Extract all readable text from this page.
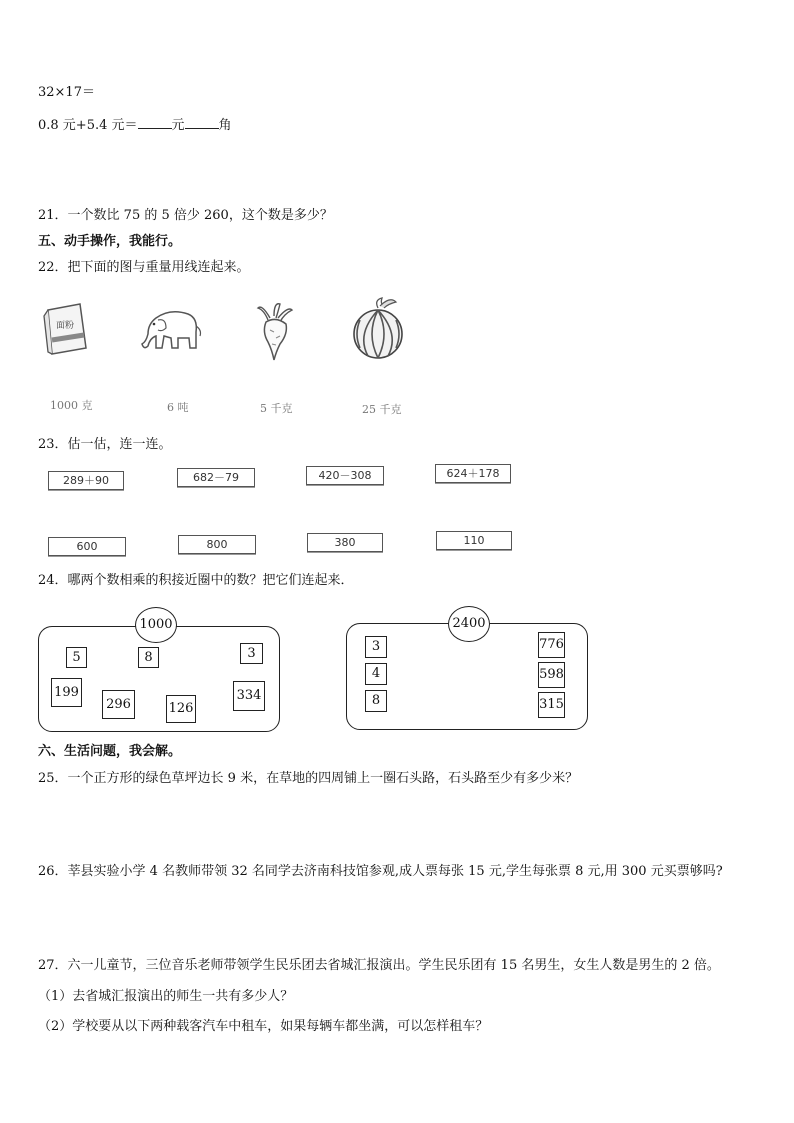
32×17＝
0.8 元+5.4 元＝	元	角
21．一个数比 75 的 5 倍少 260，这个数是多少？
五、动手操作，我能行。
22．把下面的图与重量用线连起来。
面粉
1000 克	6 吨	5 千克	25 千克
23．估一估，连一连。
289＋90	682－79	420－308	624＋178
600	800	380	110
24．哪两个数相乘的积接近圈中的数？把它们连起来．
1000
5	8	3
199
296	126
334
2400
3
4
8
776
598
315
六、生活问题，我会解。
25．一个正方形的绿色草坪边长 9 米，在草地的四周铺上一圈石头路，石头路至少有多少米？
26．莘县实验小学 4 名教师带领 32 名同学去济南科技馆参观,成人票每张 15 元,学生每张票 8 元,用 300 元买票够吗?
27．六一儿童节，三位音乐老师带领学生民乐团去省城汇报演出。学生民乐团有 15 名男生，女生人数是男生的 2 倍。
（1）去省城汇报演出的师生一共有多少人？
（2）学校要从以下两种载客汽车中租车，如果每辆车都坐满，可以怎样租车？
